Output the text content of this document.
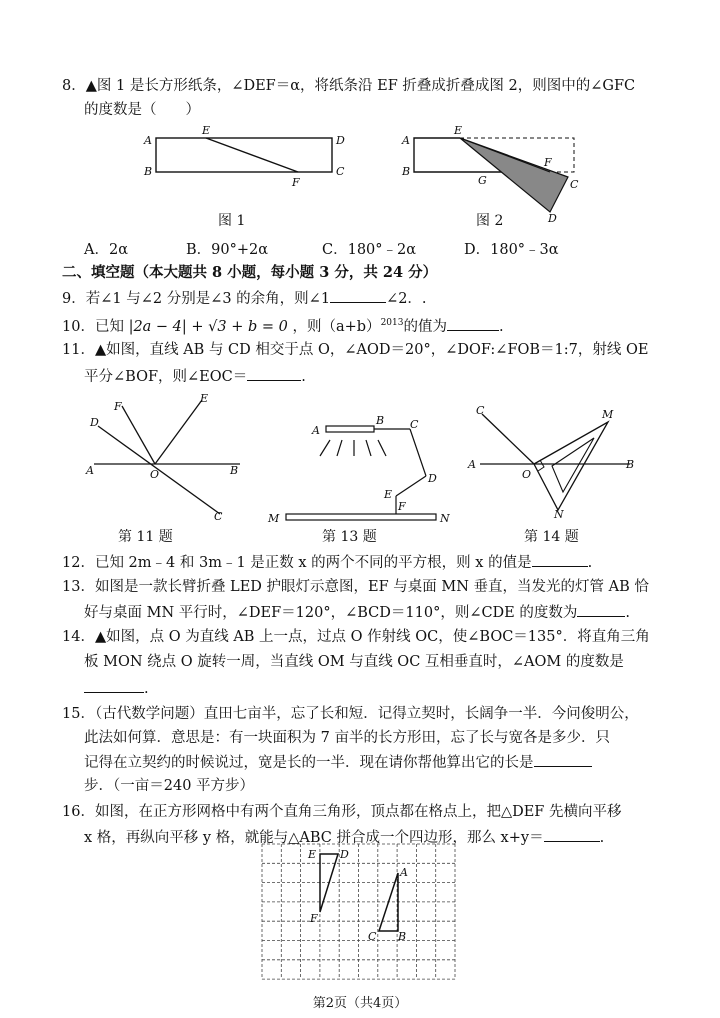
8．▲图 1 是长方形纸条，∠DEF＝α，将纸条沿 EF 折叠成折叠成图 2，则图中的∠GFC
的度数是（　　）
A
B
E
D
C
F
图 1
A
B
E
G
F
C
D
图 2
A．2α	B．90°+2α	C．180°﹣2α	D．180°﹣3α
二、填空题（本大题共 8 小题，每小题 3 分，共 24 分）
9．若∠1 与∠2 分别是∠3 的余角，则∠1	∠2．.
10．已知 |2a − 4| + √3 + b = 0 ，则$(a+b)^{2013}$的值为	.
11．▲如图，直线 AB 与 CD 相交于点 O，∠AOD＝20°，∠DOF:∠FOB＝1:7，射线 OE
平分∠BOF，则∠EOC＝	.
A	B
C
D
E
F
O
第 11 题
A
B C
D
E
F
M	N
第 13 题
A	B
C	M
N
O
第 14 题
12．已知 2m﹣4 和 3m﹣1 是正数 x 的两个不同的平方根，则 x 的值是	.
13．如图是一款长臂折叠 LED 护眼灯示意图，EF 与桌面 MN 垂直，当发光的灯管 AB 恰
好与桌面 MN 平行时，∠DEF＝120°，∠BCD＝110°，则∠CDE 的度数为	.
14．▲如图，点 O 为直线 AB 上一点，过点 O 作射线 OC，使∠BOC＝135°．将直角三角
板 MON 绕点 O 旋转一周，当直线 OM 与直线 OC 互相垂直时，∠AOM 的度数是
.
15．（古代数学问题）直田七亩半，忘了长和短．记得立契时，长阔争一半．今问俊明公，
此法如何算．意思是：有一块面积为 7 亩半的长方形田，忘了长与宽各是多少．只
记得在立契约的时候说过，宽是长的一半．现在请你帮他算出它的长是
步．（一亩＝240 平方步）
16．如图，在正方形网格中有两个直角三角形，顶点都在格点上，把△DEF 先横向平移
x 格，再纵向平移 y 格，就能与△ABC 拼合成一个四边形，那么 x+y＝	.
E D
F
A
C B
第2页（共4页）
